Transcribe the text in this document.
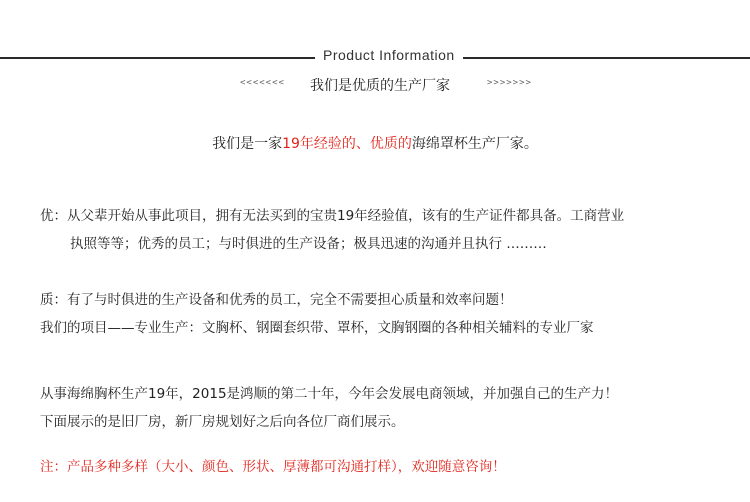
Product Information
<<<<<<< 我们是优质的生产厂家	>>>>>>>
我们是一家19年经验的、优质的海绵罩杯生产厂家。
优：从父辈开始从事此项目，拥有无法买到的宝贵19年经验值，该有的生产证件都具备。工商营业
执照等等；优秀的员工；与时俱进的生产设备；极具迅速的沟通并且执行 ………
质：有了与时俱进的生产设备和优秀的员工，完全不需要担心质量和效率问题！
我们的项目——专业生产：文胸杯、钢圈套织带、罩杯，文胸钢圈的各种相关辅料的专业厂家
从事海绵胸杯生产19年，2015是鸿顺的第二十年，今年会发展电商领域，并加强自己的生产力！
下面展示的是旧厂房，新厂房规划好之后向各位厂商们展示。
注：产品多种多样（大小、颜色、形状、厚薄都可沟通打样），欢迎随意咨询！
